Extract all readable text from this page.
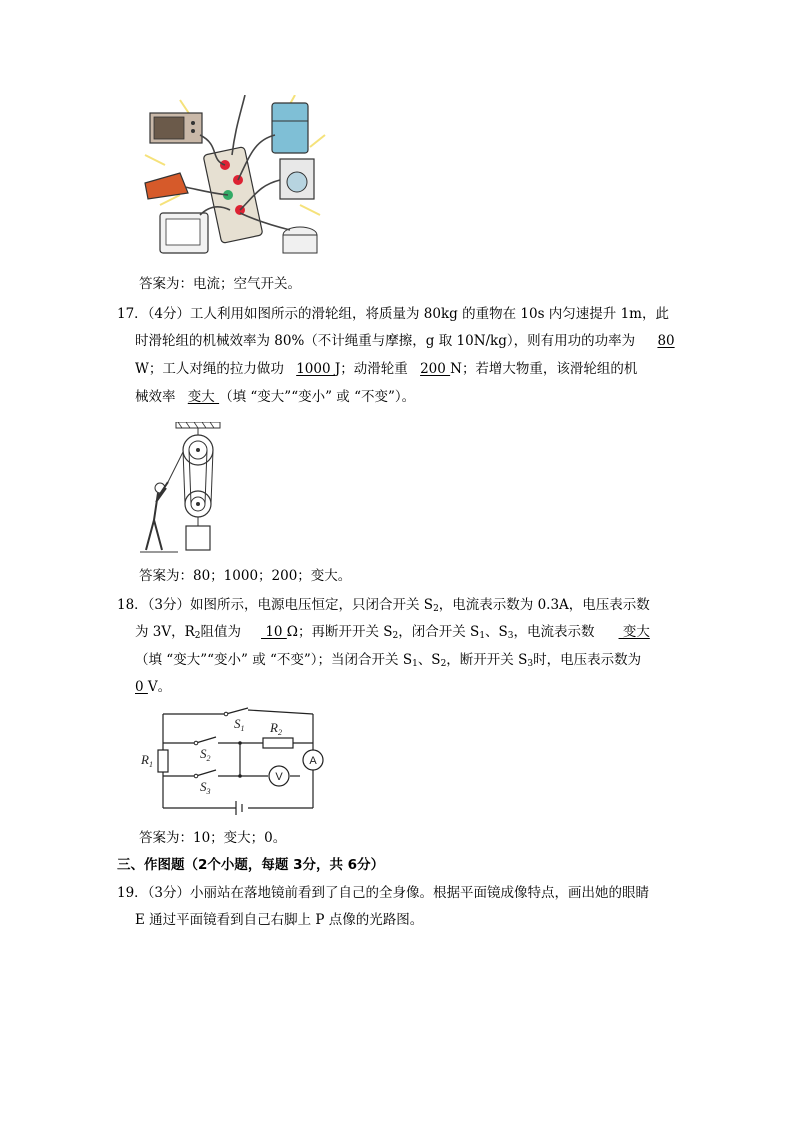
答案为：电流；空气开关。
17．（4分）工人利用如图所示的滑轮组，将质量为 80kg 的重物在 10s 内匀速提升 1m，此
时滑轮组的机械效率为 80%（不计绳重与摩擦，g 取 10N/kg），则有用功的功率为 80
W；工人对绳的拉力做功 1000 J；动滑轮重 200 N；若增大物重，该滑轮组的机
械效率 变大 （填 “变大”“变小” 或 “不变”）。
答案为：80；1000；200；变大。
18．（3分）如图所示，电源电压恒定，只闭合开关 $S_2$，电流表示数为 0.3A，电压表示数
为 3V，$R_2$阻值为 10 Ω；再断开开关 $S_2$，闭合开关 $S_1$、$S_3$，电流表示数 变大
（填 “变大”“变小” 或 “不变”）；当闭合开关 $S_1$、$S_2$，断开开关 $S_3$时，电压表示数为
0 V。
$S_1$
$S_2$
$S_3$
$R_1$
$R_2$
V
A
答案为：10；变大；0。
三、作图题（2个小题，每题 3分，共 6分）
19．（3分）小丽站在落地镜前看到了自己的全身像。根据平面镜成像特点，画出她的眼睛
E 通过平面镜看到自己右脚上 P 点像的光路图。
